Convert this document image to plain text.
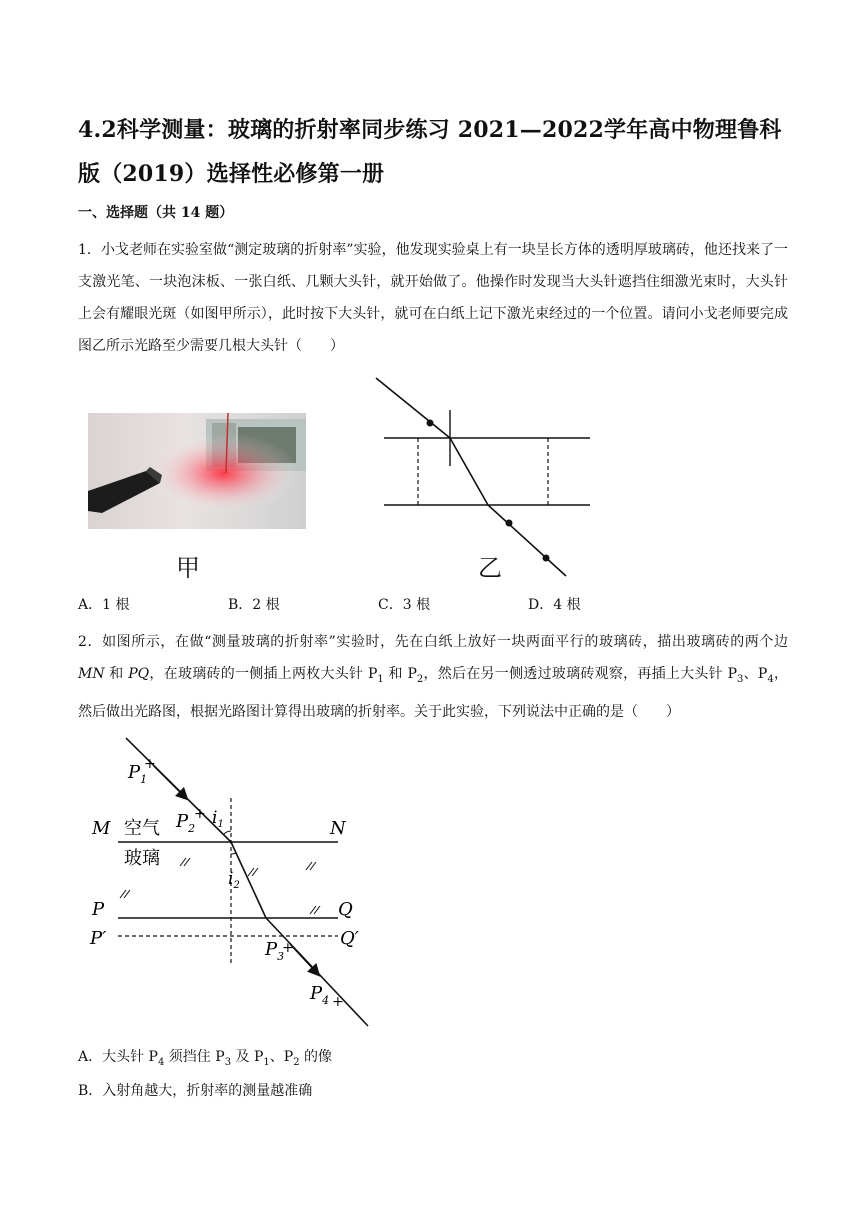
4.2科学测量：玻璃的折射率同步练习 2021—2022学年高中物理鲁科版（2019）选择性必修第一册
一、选择题（共 14 题）
1．小戈老师在实验室做“测定玻璃的折射率”实验，他发现实验桌上有一块呈长方体的透明厚玻璃砖，他还找来了一支激光笔、一块泡沫板、一张白纸、几颗大头针，就开始做了。他操作时发现当大头针遮挡住细激光束时，大头针上会有耀眼光斑（如图甲所示），此时按下大头针，就可在白纸上记下激光束经过的一个位置。请问小戈老师要完成图乙所示光路至少需要几根大头针（　　）
甲	乙
A．1 根	B．2 根	C．3 根	D．4 根
2．如图所示，在做“测量玻璃的折射率”实验时，先在白纸上放好一块两面平行的玻璃砖，描出玻璃砖的两个边 MN 和 PQ，在玻璃砖的一侧插上两枚大头针 $P_1$ 和 $P_2$，然后在另一侧透过玻璃砖观察，再插上大头针 $P_3$、$P_4$，然后做出光路图，根据光路图计算得出玻璃的折射率。关于此实验，下列说法中正确的是（　　）
+
+
+
+
M	N
P	Q
P′	Q′
空气
玻璃
$P_1$
$P_2$
$P_3$
$P_4$
$i_1$
$i_2$
A．大头针 $P_4$ 须挡住 $P_3$ 及 $P_1$、$P_2$ 的像
B．入射角越大，折射率的测量越准确
